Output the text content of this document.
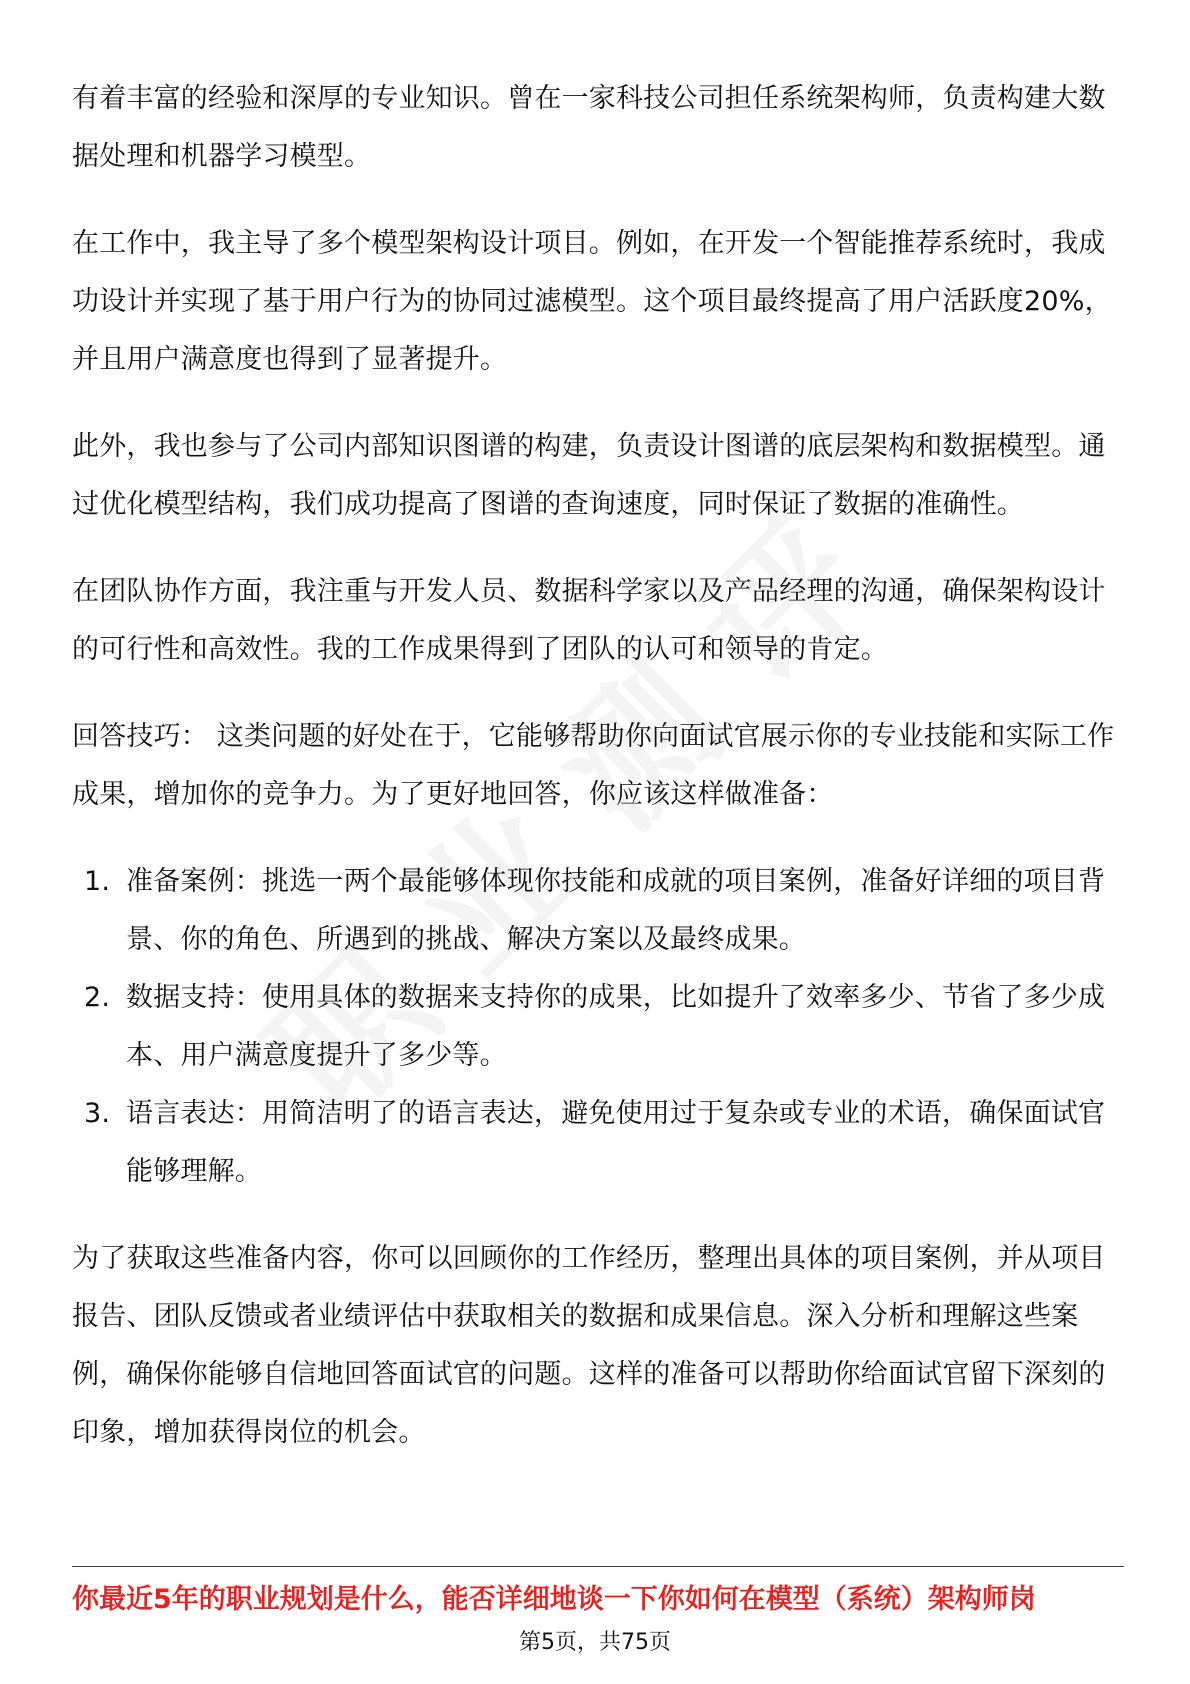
有着丰富的经验和深厚的专业知识。曾在一家科技公司担任系统架构师，负责构建大数据处理和机器学习模型。

在工作中，我主导了多个模型架构设计项目。例如，在开发一个智能推荐系统时，我成功设计并实现了基于用户行为的协同过滤模型。这个项目最终提高了用户活跃度20%，并且用户满意度也得到了显著提升。

此外，我也参与了公司内部知识图谱的构建，负责设计图谱的底层架构和数据模型。通过优化模型结构，我们成功提高了图谱的查询速度，同时保证了数据的准确性。

在团队协作方面，我注重与开发人员、数据科学家以及产品经理的沟通，确保架构设计的可行性和高效性。我的工作成果得到了团队的认可和领导的肯定。

回答技巧： 这类问题的好处在于，它能够帮助你向面试官展示你的专业技能和实际工作成果，增加你的竞争力。为了更好地回答，你应该这样做准备：

1. 准备案例：挑选一两个最能够体现你技能和成就的项目案例，准备好详细的项目背景、你的角色、所遇到的挑战、解决方案以及最终成果。
2. 数据支持：使用具体的数据来支持你的成果，比如提升了效率多少、节省了多少成本、用户满意度提升了多少等。
3. 语言表达：用简洁明了的语言表达，避免使用过于复杂或专业的术语，确保面试官能够理解。

为了获取这些准备内容，你可以回顾你的工作经历，整理出具体的项目案例，并从项目报告、团队反馈或者业绩评估中获取相关的数据和成果信息。深入分析和理解这些案例，确保你能够自信地回答面试官的问题。这样的准备可以帮助你给面试官留下深刻的印象，增加获得岗位的机会。

你最近5年的职业规划是什么，能否详细地谈一下你如何在模型（系统）架构师岗
第5页，共75页
